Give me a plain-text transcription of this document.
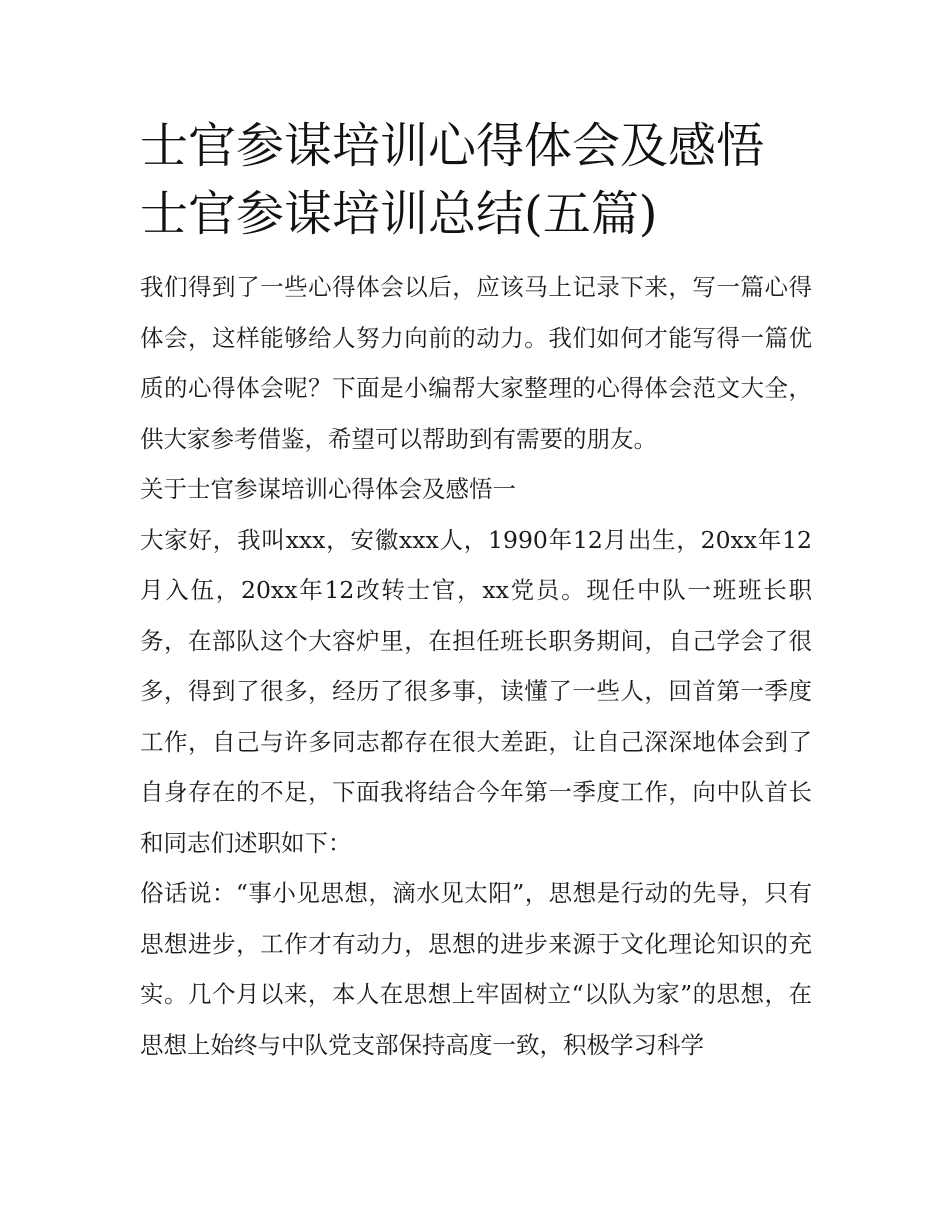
士官参谋培训心得体会及感悟
士官参谋培训总结(五篇)

我们得到了一些心得体会以后，应该马上记录下来，写一篇心得体会，这样能够给人努力向前的动力。我们如何才能写得一篇优质的心得体会呢？下面是小编帮大家整理的心得体会范文大全，供大家参考借鉴，希望可以帮助到有需要的朋友。

关于士官参谋培训心得体会及感悟一

大家好，我叫xxx，安徽xxx人，1990年12月出生，20xx年12月入伍，20xx年12改转士官，xx党员。现任中队一班班长职务，在部队这个大容炉里，在担任班长职务期间，自己学会了很多，得到了很多，经历了很多事，读懂了一些人，回首第一季度工作，自己与许多同志都存在很大差距，让自己深深地体会到了自身存在的不足，下面我将结合今年第一季度工作，向中队首长和同志们述职如下：

俗话说：“事小见思想，滴水见太阳”，思想是行动的先导，只有思想进步，工作才有动力，思想的进步来源于文化理论知识的充实。几个月以来，本人在思想上牢固树立“以队为家”的思想，在思想上始终与中队党支部保持高度一致，积极学习科学
